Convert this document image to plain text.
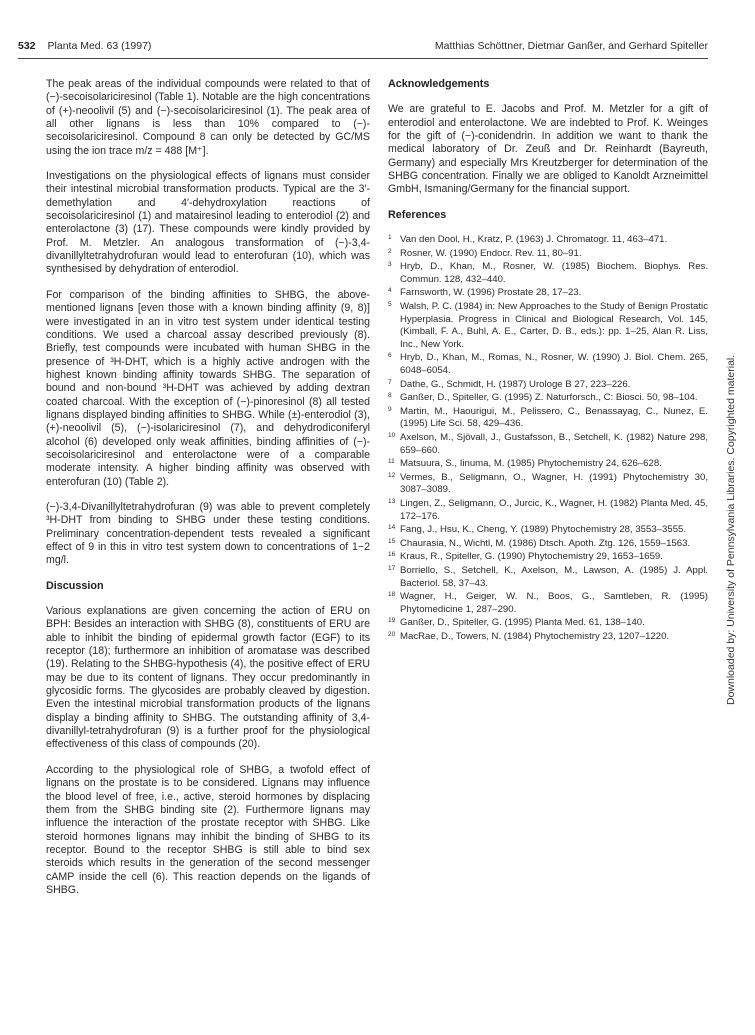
532 Planta Med. 63 (1997)	Matthias Schöttner, Dietmar Ganßer, and Gerhard Spiteller

The peak areas of the individual compounds were related to that of (−)-secoisolariciresinol (Table 1). Notable are the high concentrations of (+)-neoolivil (5) and (−)-secoisolariciresinol (1). The peak area of all other lignans is less than 10% compared to (−)-secoisolariciresinol. Compound 8 can only be detected by GC/MS using the ion trace m/z = 488 [M⁺].

Investigations on the physiological effects of lignans must consider their intestinal microbial transformation products. Typical are the 3′-demethylation and 4′-dehydroxylation reactions of secoisolariciresinol (1) and matairesinol leading to enterodiol (2) and enterolactone (3) (17). These compounds were kindly provided by Prof. M. Metzler. An analogous transformation of (−)-3,4-divanillyltetrahydrofuran would lead to enterofuran (10), which was synthesised by dehydration of enterodiol.

For comparison of the binding affinities to SHBG, the above-mentioned lignans [even those with a known binding affinity (9, 8)] were investigated in an in vitro test system under identical testing conditions. We used a charcoal assay described previously (8). Briefly, test compounds were incubated with human SHBG in the presence of ³H-DHT, which is a highly active androgen with the highest known binding affinity towards SHBG. The separation of bound and non-bound ³H-DHT was achieved by adding dextran coated charcoal. With the exception of (−)-pinoresinol (8) all tested lignans displayed binding affinities to SHBG. While (±)-enterodiol (3), (+)-neoolivil (5), (−)-isolariciresinol (7), and dehydrodiconiferyl alcohol (6) developed only weak affinities, binding affinities of (−)-secoisolariciresinol and enterolactone were of a comparable moderate intensity. A higher binding affinity was observed with enterofuran (10) (Table 2).

(−)-3,4-Divanillyltetrahydrofuran (9) was able to prevent completely ³H-DHT from binding to SHBG under these testing conditions. Preliminary concentration-dependent tests revealed a significant effect of 9 in this in vitro test system down to concentrations of 1−2 mg/l.

Discussion

Various explanations are given concerning the action of ERU on BPH: Besides an interaction with SHBG (8), constituents of ERU are able to inhibit the binding of epidermal growth factor (EGF) to its receptor (18); furthermore an inhibition of aromatase was described (19). Relating to the SHBG-hypothesis (4), the positive effect of ERU may be due to its content of lignans. They occur predominantly in glycosidic forms. The glycosides are probably cleaved by digestion. Even the intestinal microbial transformation products of the lignans display a binding affinity to SHBG. The outstanding affinity of 3,4-divanillyl-tetrahydrofuran (9) is a further proof for the physiological effectiveness of this class of compounds (20).

According to the physiological role of SHBG, a twofold effect of lignans on the prostate is to be considered. Lignans may influence the blood level of free, i.e., active, steroid hormones by displacing them from the SHBG binding site (2). Furthermore lignans may influence the interaction of the prostate receptor with SHBG. Like steroid hormones lignans may inhibit the binding of SHBG to its receptor. Bound to the receptor SHBG is still able to bind sex steroids which results in the generation of the second messenger cAMP inside the cell (6). This reaction depends on the ligands of SHBG.

Acknowledgements

We are grateful to E. Jacobs and Prof. M. Metzler for a gift of enterodiol and enterolactone. We are indebted to Prof. K. Weinges for the gift of (−)-conidendrin. In addition we want to thank the medical laboratory of Dr. Zeuß and Dr. Reinhardt (Bayreuth, Germany) and especially Mrs Kreutzberger for determination of the SHBG concentration. Finally we are obliged to Kanoldt Arzneimittel GmbH, Ismaning/Germany for the financial support.

References
1 Van den Dool, H., Kratz, P. (1963) J. Chromatogr. 11, 463–471.
2 Rosner, W. (1990) Endocr. Rev. 11, 80–91.
3 Hryb, D., Khan, M., Rosner, W. (1985) Biochem. Biophys. Res. Commun. 128, 432–440.
4 Farnsworth, W. (1996) Prostate 28, 17–23.
5 Walsh, P. C. (1984) in: New Approaches to the Study of Benign Prostatic Hyperplasia. Progress in Clinical and Biological Research, Vol. 145, (Kimball, F. A., Buhl, A. E., Carter, D. B., eds.): pp. 1–25, Alan R. Liss, Inc., New York.
6 Hryb, D., Khan, M., Romas, N., Rosner, W. (1990) J. Biol. Chem. 265, 6048–6054.
7 Dathe, G., Schmidt, H. (1987) Urologe B 27, 223–226.
8 Ganßer, D., Spiteller, G. (1995) Z. Naturforsch., C: Biosci. 50, 98–104.
9 Martin, M., Haourigui, M., Pelissero, C., Benassayag, C., Nunez, E. (1995) Life Sci. 58, 429–436.
10 Axelson, M., Sjövall, J., Gustafsson, B., Setchell, K. (1982) Nature 298, 659–660.
11 Matsuura, S., Iinuma, M. (1985) Phytochemistry 24, 626–628.
12 Vermes, B., Seligmann, O., Wagner, H. (1991) Phytochemistry 30, 3087–3089.
13 Lingen, Z., Seligmann, O., Jurcic, K., Wagner, H. (1982) Planta Med. 45, 172–176.
14 Fang, J., Hsu, K., Cheng, Y. (1989) Phytochemistry 28, 3553–3555.
15 Chaurasia, N., Wichtl, M. (1986) Dtsch. Apoth. Ztg. 126, 1559–1563.
16 Kraus, R., Spiteller, G. (1990) Phytochemistry 29, 1653–1659.
17 Borriello, S., Setchell, K., Axelson, M., Lawson, A. (1985) J. Appl. Bacteriol. 58, 37–43.
18 Wagner, H., Geiger, W. N., Boos, G., Samtleben, R. (1995) Phytomedicine 1, 287–290.
19 Ganßer, D., Spiteller, G. (1995) Planta Med. 61, 138–140.
20 MacRae, D., Towers, N. (1984) Phytochemistry 23, 1207–1220.	Downloaded by: University of Pennsylvania Libraries. Copyrighted material.
